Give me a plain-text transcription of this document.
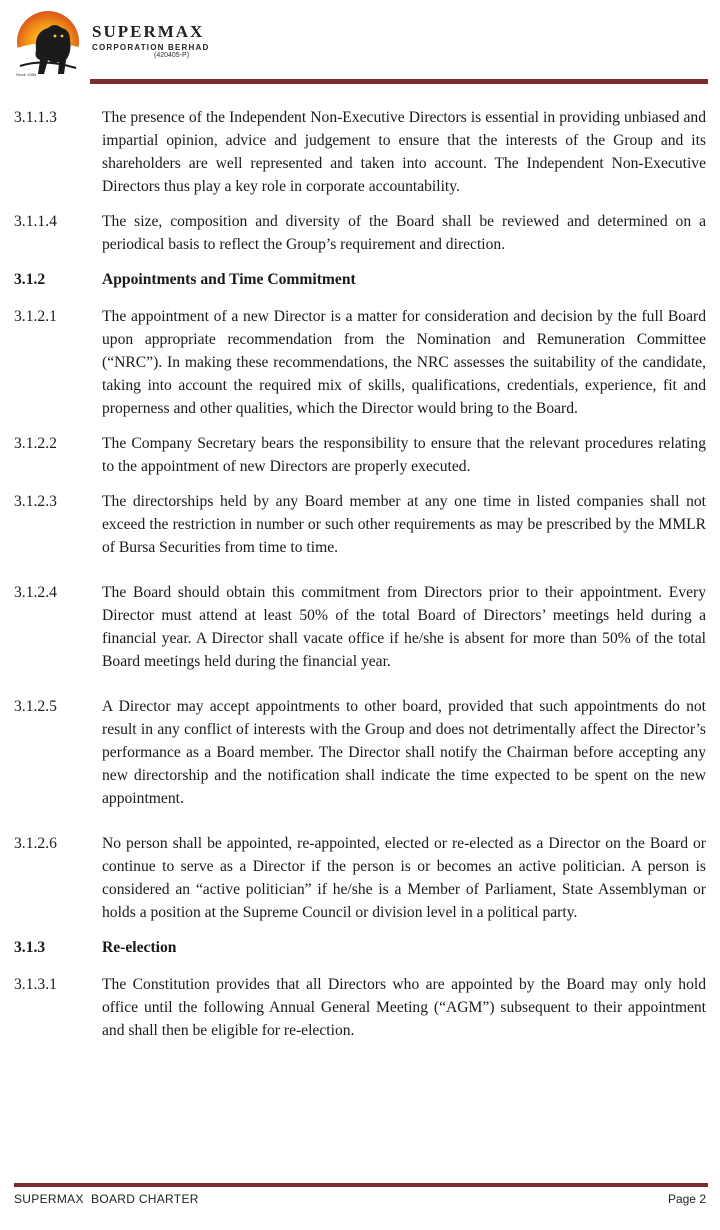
Since 1989
SUPERMAX
CORPORATION BERHAD
(420405-P)
3.1.1.3	The presence of the Independent Non-Executive Directors is essential in providing unbiased and impartial opinion, advice and judgement to ensure that the interests of the Group and its shareholders are well represented and taken into account. The Independent Non-Executive Directors thus play a key role in corporate accountability.
3.1.1.4	The size, composition and diversity of the Board shall be reviewed and determined on a periodical basis to reflect the Group’s requirement and direction.
3.1.2	Appointments and Time Commitment
3.1.2.1	The appointment of a new Director is a matter for consideration and decision by the full Board upon appropriate recommendation from the Nomination and Remuneration Committee (“NRC”). In making these recommendations, the NRC assesses the suitability of the candidate, taking into account the required mix of skills, qualifications, credentials, experience, fit and properness and other qualities, which the Director would bring to the Board.
3.1.2.2	The Company Secretary bears the responsibility to ensure that the relevant procedures relating to the appointment of new Directors are properly executed.
3.1.2.3	The directorships held by any Board member at any one time in listed companies shall not exceed the restriction in number or such other requirements as may be prescribed by the MMLR of Bursa Securities from time to time.
3.1.2.4	The Board should obtain this commitment from Directors prior to their appointment. Every Director must attend at least 50% of the total Board of Directors’ meetings held during a financial year. A Director shall vacate office if he/she is absent for more than 50% of the total Board meetings held during the financial year.
3.1.2.5	A Director may accept appointments to other board, provided that such appointments do not result in any conflict of interests with the Group and does not detrimentally affect the Director’s performance as a Board member. The Director shall notify the Chairman before accepting any new directorship and the notification shall indicate the time expected to be spent on the new appointment.
3.1.2.6	No person shall be appointed, re-appointed, elected or re-elected as a Director on the Board or continue to serve as a Director if the person is or becomes an active politician. A person is considered an “active politician” if he/she is a Member of Parliament, State Assemblyman or holds a position at the Supreme Council or division level in a political party.
3.1.3	Re-election
3.1.3.1	The Constitution provides that all Directors who are appointed by the Board may only hold office until the following Annual General Meeting (“AGM”) subsequent to their appointment and shall then be eligible for re-election.
SUPERMAX  BOARD CHARTER	Page 2
